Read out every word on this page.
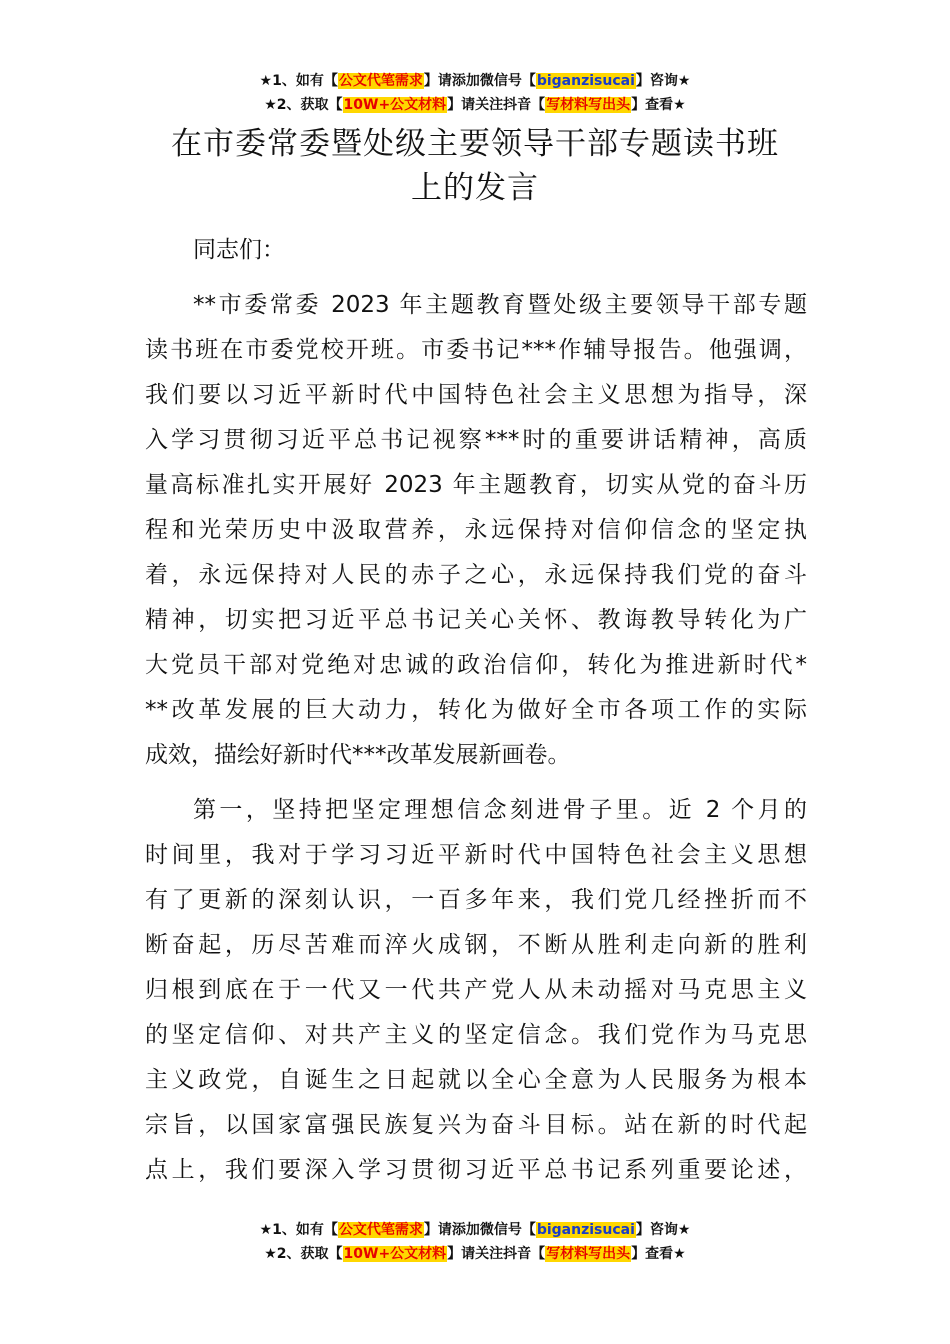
★1、如有【公文代笔需求】请添加微信号【biganzisucai】咨询★
★2、获取【10W+公文材料】请关注抖音【写材料写出头】查看★
在市委常委暨处级主要领导干部专题读书班
上的发言

同志们：

**市委常委 2023 年主题教育暨处级主要领导干部专题
读书班在市委党校开班。市委书记***作辅导报告。他强调，
我们要以习近平新时代中国特色社会主义思想为指导，深
入学习贯彻习近平总书记视察***时的重要讲话精神，高质
量高标准扎实开展好 2023 年主题教育，切实从党的奋斗历
程和光荣历史中汲取营养，永远保持对信仰信念的坚定执
着，永远保持对人民的赤子之心，永远保持我们党的奋斗
精神，切实把习近平总书记关心关怀、教诲教导转化为广
大党员干部对党绝对忠诚的政治信仰，转化为推进新时代*
**改革发展的巨大动力，转化为做好全市各项工作的实际
成效，描绘好新时代***改革发展新画卷。

第一，坚持把坚定理想信念刻进骨子里。近 2 个月的
时间里，我对于学习习近平新时代中国特色社会主义思想
有了更新的深刻认识，一百多年来，我们党几经挫折而不
断奋起，历尽苦难而淬火成钢，不断从胜利走向新的胜利
归根到底在于一代又一代共产党人从未动摇对马克思主义
的坚定信仰、对共产主义的坚定信念。我们党作为马克思
主义政党，自诞生之日起就以全心全意为人民服务为根本
宗旨，以国家富强民族复兴为奋斗目标。站在新的时代起
点上，我们要深入学习贯彻习近平总书记系列重要论述，

★1、如有【公文代笔需求】请添加微信号【biganzisucai】咨询★
★2、获取【10W+公文材料】请关注抖音【写材料写出头】查看★
